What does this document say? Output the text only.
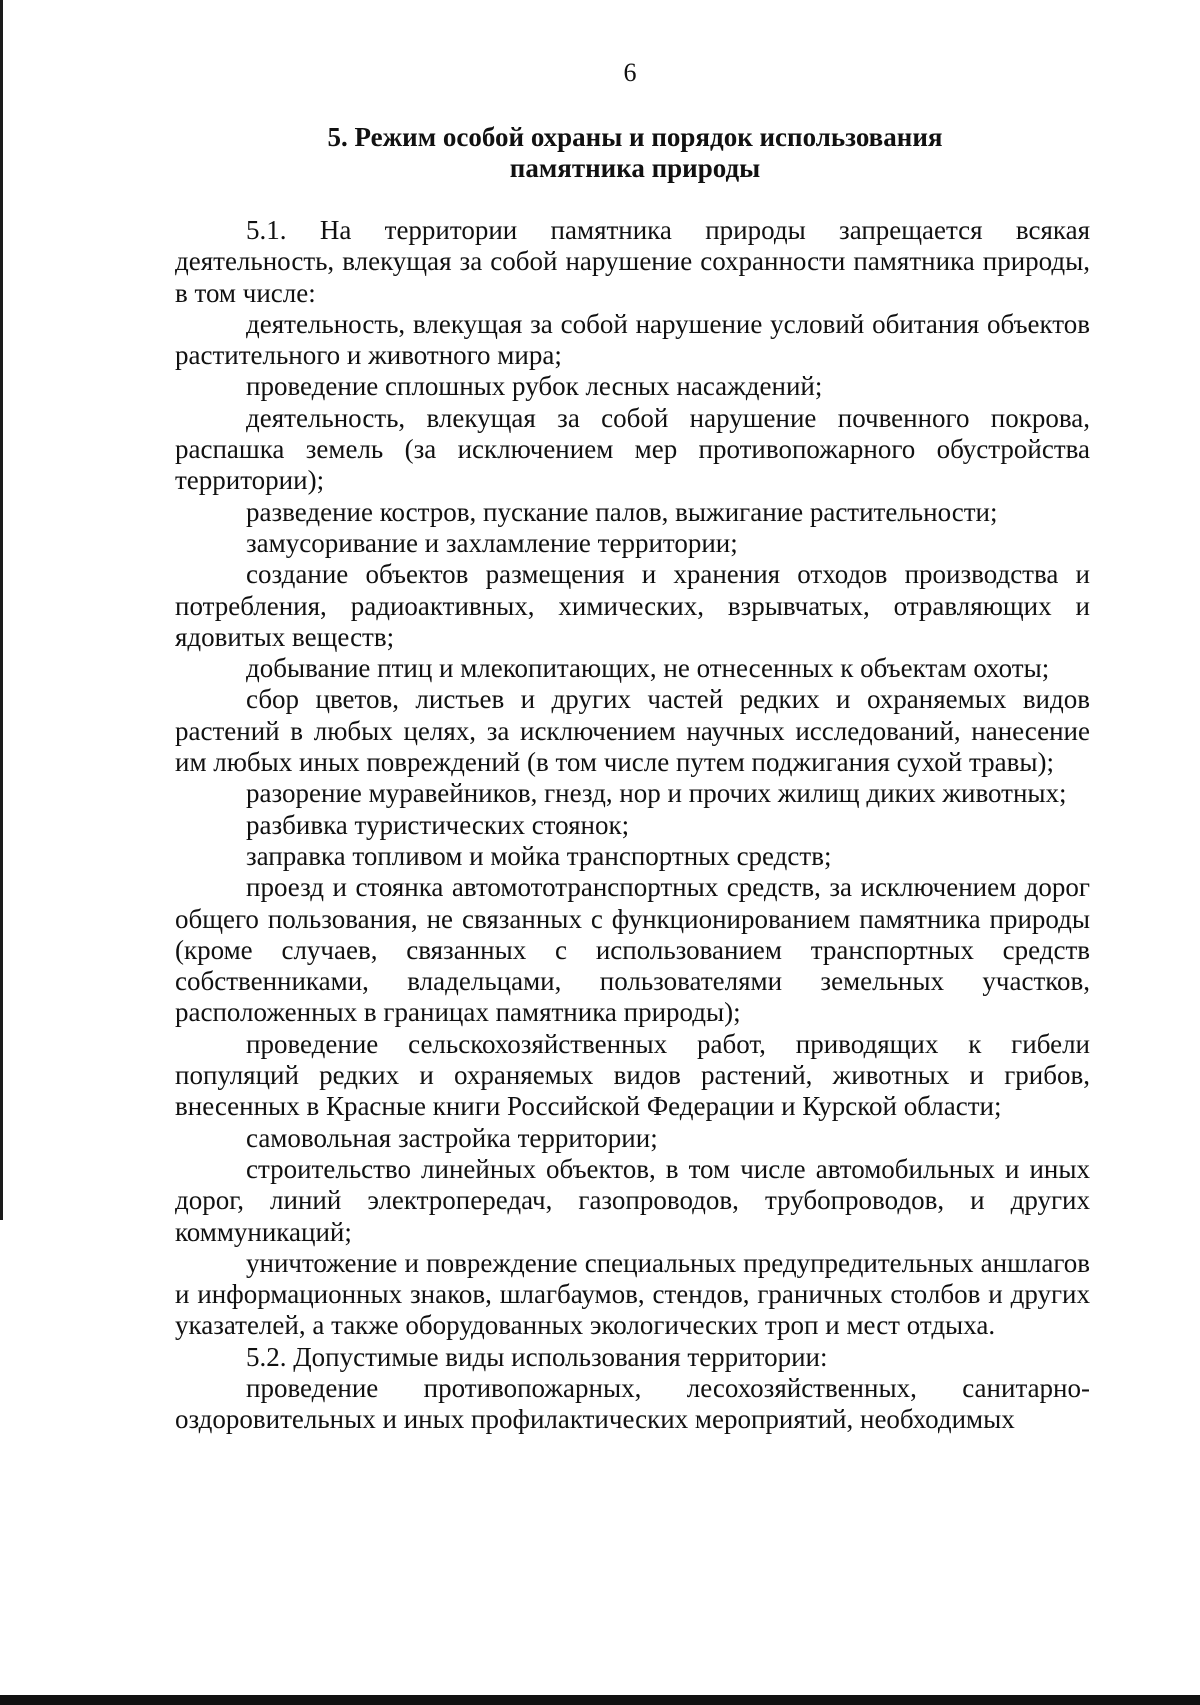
6
5. Режим особой охраны и порядок использования
памятника природы

5.1. На территории памятника природы запрещается всякая деятельность, влекущая за собой нарушение сохранности памятника природы, в том числе:

деятельность, влекущая за собой нарушение условий обитания объектов растительного и животного мира;

проведение сплошных рубок лесных насаждений;

деятельность, влекущая за собой нарушение почвенного покрова, распашка земель (за исключением мер противопожарного обустройства территории);

разведение костров, пускание палов, выжигание растительности;

замусоривание и захламление территории;

создание объектов размещения и хранения отходов производства и потребления, радиоактивных, химических, взрывчатых, отравляющих и ядовитых веществ;

добывание птиц и млекопитающих, не отнесенных к объектам охоты;

сбор цветов, листьев и других частей редких и охраняемых видов растений в любых целях, за исключением научных исследований, нанесение им любых иных повреждений (в том числе путем поджигания сухой травы);

разорение муравейников, гнезд, нор и прочих жилищ диких животных;

разбивка туристических стоянок;

заправка топливом и мойка транспортных средств;

проезд и стоянка автомототранспортных средств, за исключением дорог общего пользования, не связанных с функционированием памятника природы (кроме случаев, связанных с использованием транспортных средств собственниками, владельцами, пользователями земельных участков, расположенных в границах памятника природы);

проведение сельскохозяйственных работ, приводящих к гибели популяций редких и охраняемых видов растений, животных и грибов, внесенных в Красные книги Российской Федерации и Курской области;

самовольная застройка территории;

строительство линейных объектов, в том числе автомобильных и иных дорог, линий электропередач, газопроводов, трубопроводов, и других коммуникаций;

уничтожение и повреждение специальных предупредительных аншлагов и информационных знаков, шлагбаумов, стендов, граничных столбов и других указателей, а также оборудованных экологических троп и мест отдыха.

5.2. Допустимые виды использования территории:

проведение противопожарных, лесохозяйственных, санитарно-оздоровительных и иных профилактических мероприятий, необходимых
